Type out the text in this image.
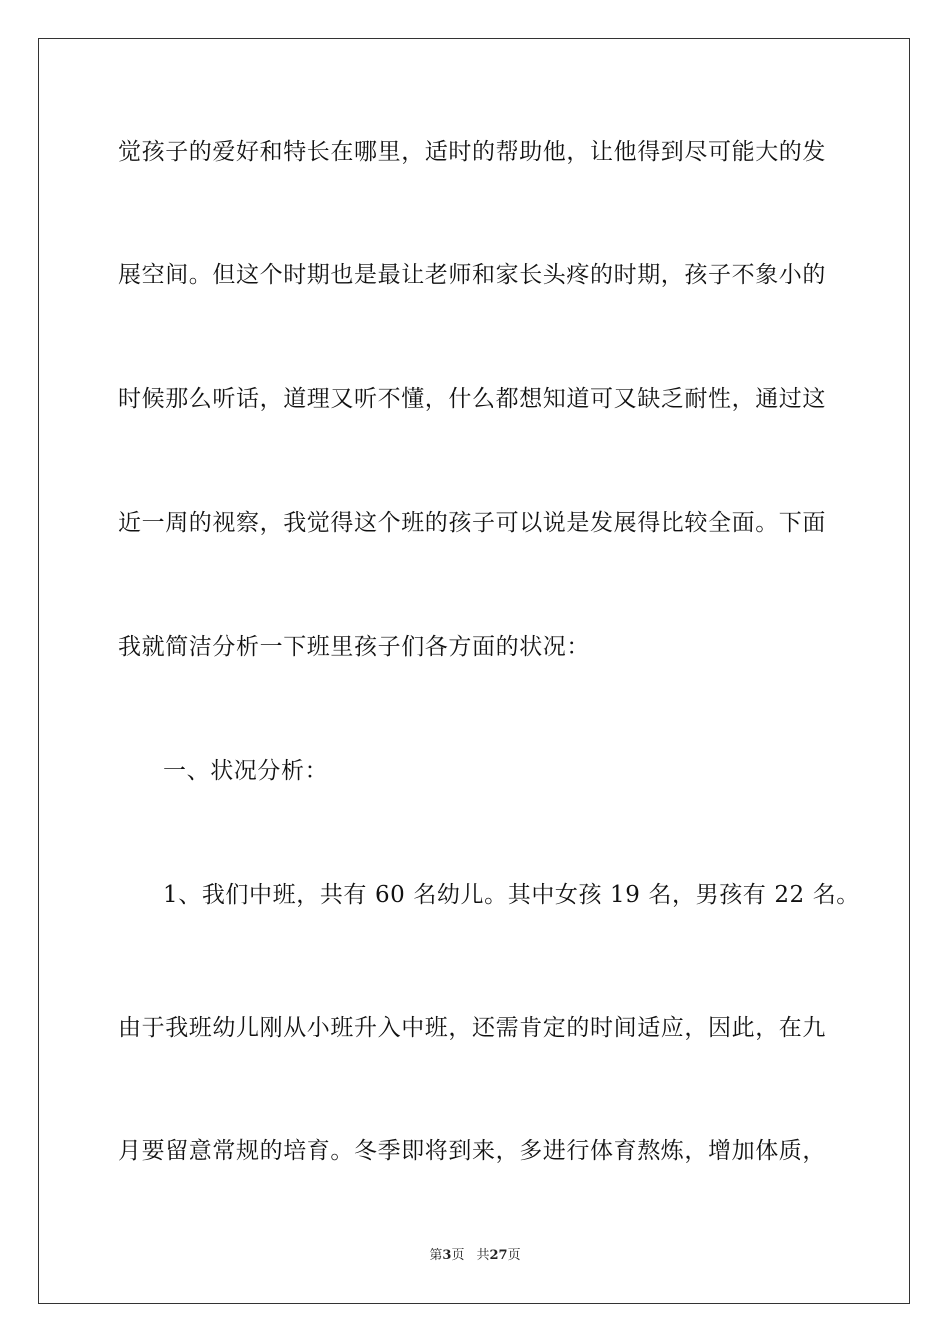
觉孩子的爱好和特长在哪里，适时的帮助他，让他得到尽可能大的发
展空间。但这个时期也是最让老师和家长头疼的时期，孩子不象小的
时候那么听话，道理又听不懂，什么都想知道可又缺乏耐性，通过这
近一周的视察，我觉得这个班的孩子可以说是发展得比较全面。下面
我就简洁分析一下班里孩子们各方面的状况：
一、状况分析：
1、我们中班，共有 60 名幼儿。其中女孩 19 名，男孩有 22 名。
由于我班幼儿刚从小班升入中班，还需肯定的时间适应，因此，在九
月要留意常规的培育。冬季即将到来，多进行体育熬炼，增加体质，
第3页 共27页
